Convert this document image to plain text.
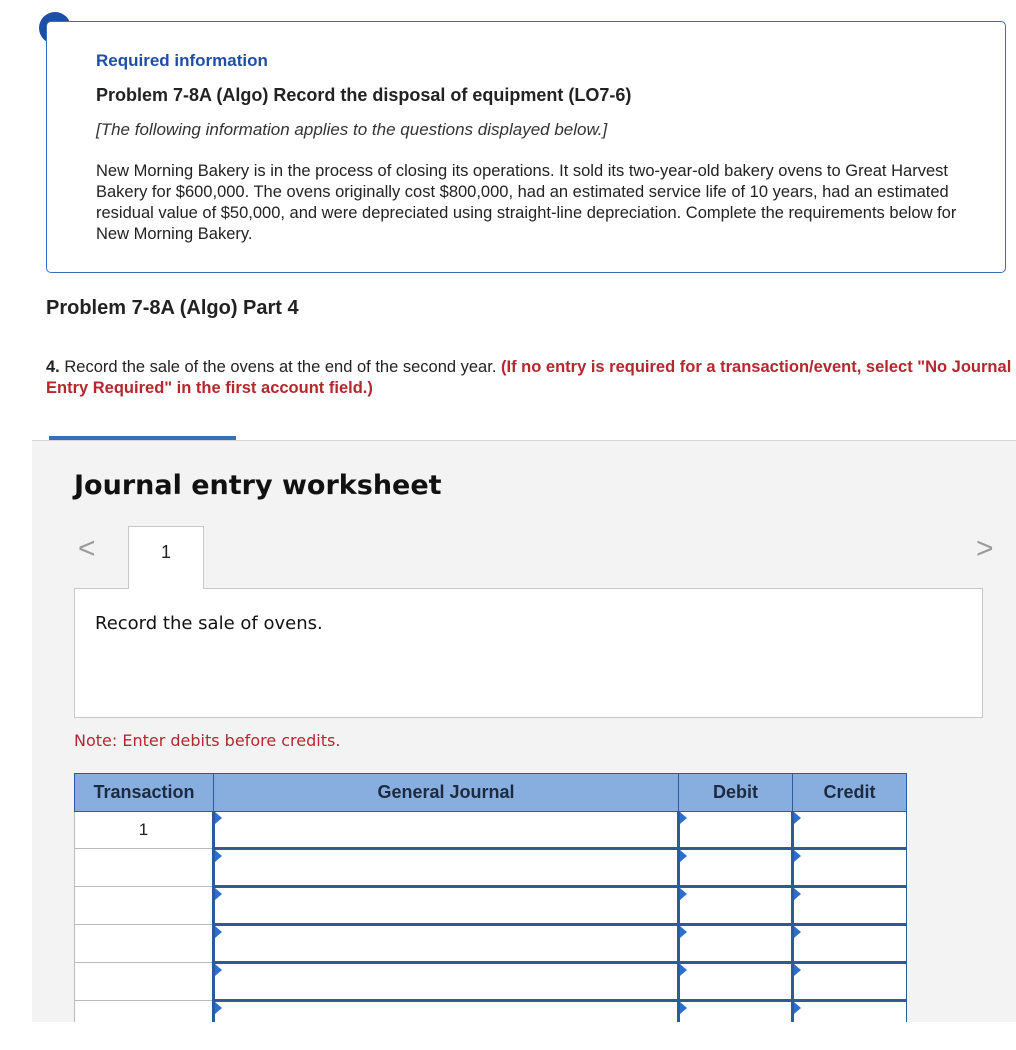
Required information
Problem 7-8A (Algo) Record the disposal of equipment (LO7-6)
[The following information applies to the questions displayed below.]
New Morning Bakery is in the process of closing its operations. It sold its two-year-old bakery ovens to Great Harvest Bakery for $600,000. The ovens originally cost $800,000, had an estimated service life of 10 years, had an estimated residual value of $50,000, and were depreciated using straight-line depreciation. Complete the requirements below for New Morning Bakery.
Problem 7-8A (Algo) Part 4
4. Record the sale of the ovens at the end of the second year. (If no entry is required for a transaction/event, select "No Journal Entry Required" in the first account field.)
Journal entry worksheet
<	>
1
Record the sale of ovens.
Note: Enter debits before credits.
Transaction	General Journal	Debit	Credit
1	
